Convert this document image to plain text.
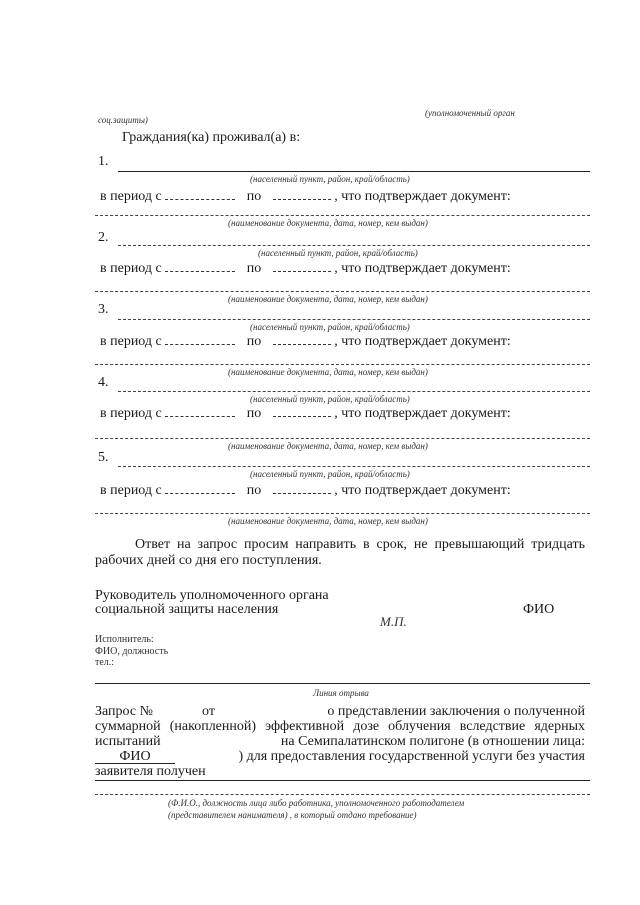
(уполномоченный орган
соц.защиты)
Граждания(ка) проживал(а) в:
1.
(населенный пункт, район, край/область)
в период с	по	, что подтверждает документ:
(наименование документа, дата, номер, кем выдан)
2.
(населенный пункт, район, край/область)
в период с	по	, что подтверждает документ:
(наименование документа, дата, номер, кем выдан)
3.
(населенный пункт, район, край/область)
в период с	по	, что подтверждает документ:
(наименование документа, дата, номер, кем выдан)
4.
(населенный пункт, район, край/область)
в период с	по	, что подтверждает документ:
(наименование документа, дата, номер, кем выдан)
5.
(населенный пункт, район, край/область)
в период с	по	, что подтверждает документ:
(наименование документа, дата, номер, кем выдан)
Ответ на запрос просим направить в срок, не превышающий тридцать
рабочих дней со дня его поступления.
Руководитель уполномоченного органа
социальной защиты населения	ФИО
М.П.
Исполнитель:
ФИО, должность
тел.:
Линия отрыва
Запрос №	от	о представлении заключения о полученной
суммарной (накопленной) эффективной дозе облучения вследствие ядерных
испытаний	на Семипалатинском полигоне (в отношении лица:
ФИО	) для предоставления государственной услуги без участия
заявителя получен
(Ф.И.О., должность лица либо работника, уполномоченного работодателем
(представителем нанимателя) , в который отдано требование)
